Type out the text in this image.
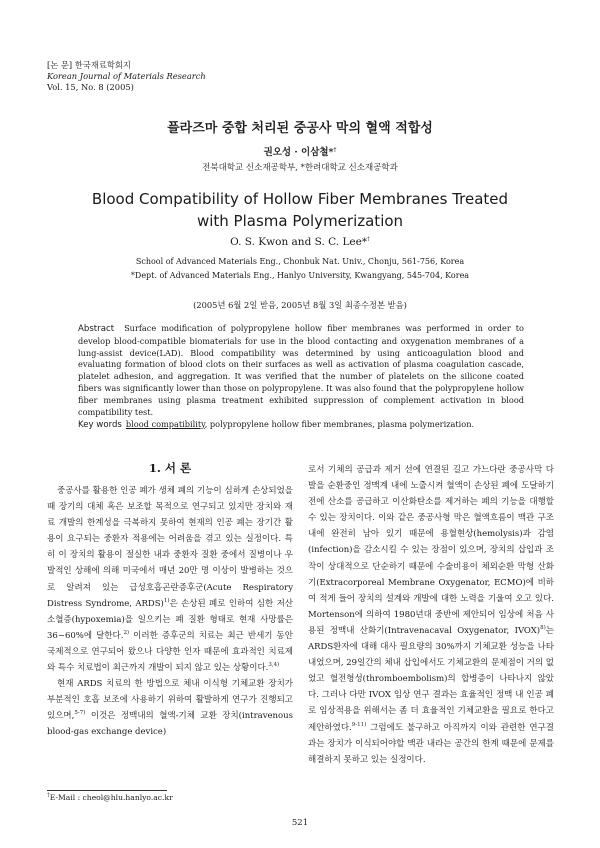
[논 문] 한국재료학회지
Korean Journal of Materials Research
Vol. 15, No. 8 (2005)
플라즈마 중합 처리된 중공사 막의 혈액 적합성
권오성 · 이삼철*†
전북대학교 신소재공학부, *한려대학교 신소재공학과
Blood Compatibility of Hollow Fiber Membranes Treated
with Plasma Polymerization
O. S. Kwon and S. C. Lee*†
School of Advanced Materials Eng., Chonbuk Nat. Univ., Chonju, 561-756, Korea
*Dept. of Advanced Materials Eng., Hanlyo University, Kwangyang, 545-704, Korea
(2005년 6월 2일 받음, 2005년 8월 3일 최종수정본 받음)
Abstract Surface modification of polypropylene hollow fiber membranes was performed in order to develop blood-compatible biomaterials for use in the blood contacting and oxygenation membranes of a lung-assist device(LAD). Blood compatibility was determined by using anticoagulation blood and evaluating formation of blood clots on their surfaces as well as activation of plasma coagulation cascade, platelet adhesion, and aggregation. It was verified that the number of platelets on the silicone coated fibers was significantly lower than those on polypropylene. It was also found that the polypropylene hollow fiber membranes using plasma treatment exhibited suppression of complement activation in blood compatibility test.
Key words blood compatibility, polypropylene hollow fiber membranes, plasma polymerization.
1. 서 론

중공사를 활용한 인공 폐가 생체 폐의 기능이 심하게 손상되었을 때 장기의 대체 혹은 보조할 목적으로 연구되고 있지만 장치와 재료 개발의 한계성을 극복하지 못하여 현재의 인공 폐는 장기간 활용이 요구되는 중환자 적용에는 어려움을 겪고 있는 실정이다. 특히 이 장치의 활용이 절실한 내과 중환자 질환 중에서 질병이나 우발적인 상해에 의해 미국에서 매년 20만 명 이상이 발병하는 것으로 알려져 있는 급성호흡곤란증후군(Acute Respiratory Distress Syndrome, ARDS)$^{1)}$은 손상된 폐로 인하여 심한 저산소혈증(hypoxemia)을 일으키는 폐 질환 형태로 현재 사망률은 36~60%에 달한다.$^{2)}$ 이러한 증후군의 치료는 최근 반세기 동안 국제적으로 연구되어 왔으나 다양한 인자 때문에 효과적인 치료제와 특수 치료법이 최근까지 개발이 되지 않고 있는 상황이다.$^{3,4)}$

현재 ARDS 치료의 한 방법으로 체내 이식형 기체교환 장치가 부분적인 호흡 보조에 사용하기 위하여 활발하게 연구가 진행되고 있으며,$^{5-7)}$ 이것은 정맥내의 혈액-기체 교환 장치(intravenous blood-gas exchange device)

로서 기체의 공급과 제거 선에 연결된 길고 가느다란 중공사막 다발을 순환중인 정맥계 내에 노출시켜 혈액이 손상된 폐에 도달하기 전에 산소를 공급하고 이산화탄소를 제거하는 폐의 기능을 대행할 수 있는 장치이다. 이와 같은 중공사형 막은 혈액흐름이 맥관 구조 내에 완전히 남아 있기 때문에 용혈현상(hemolysis)과 감염(infection)을 감소시킬 수 있는 장점이 있으며, 장치의 삽입과 조작이 상대적으로 단순하기 때문에 수술비용이 체외순환 막형 산화기(Extracorporeal Membrane Oxygenator, ECMO)에 비하여 적게 들어 장치의 설계와 개발에 대한 노력을 기울여 오고 있다. Mortenson에 의하여 1980년대 중반에 제안되어 임상에 처음 사용된 정맥내 산화기(Intravenacaval Oxygenator, IVOX)$^{8)}$는 ARDS환자에 대해 대사 필요량의 30%까지 기체교환 성능을 나타내었으며, 29일간의 체내 삽입에서도 기체교환의 문제점이 거의 없었고 혈전형성(thromboembolism)의 합병증이 나타나지 않았다. 그러나 다만 IVOX 임상 연구 결과는 효율적인 정맥 내 인공 폐로 임상적용을 위해서는 좀 더 효율적인 기체교환을 필요로 한다고 제안하였다.$^{9-11)}$ 그럼에도 불구하고 아직까지 이와 관련한 연구결과는 장치가 이식되어야할 맥관 내라는 공간의 한계 때문에 문제를 해결하지 못하고 있는 실정이다.

†E-Mail : cheol@hlu.hanlyo.ac.kr
521
